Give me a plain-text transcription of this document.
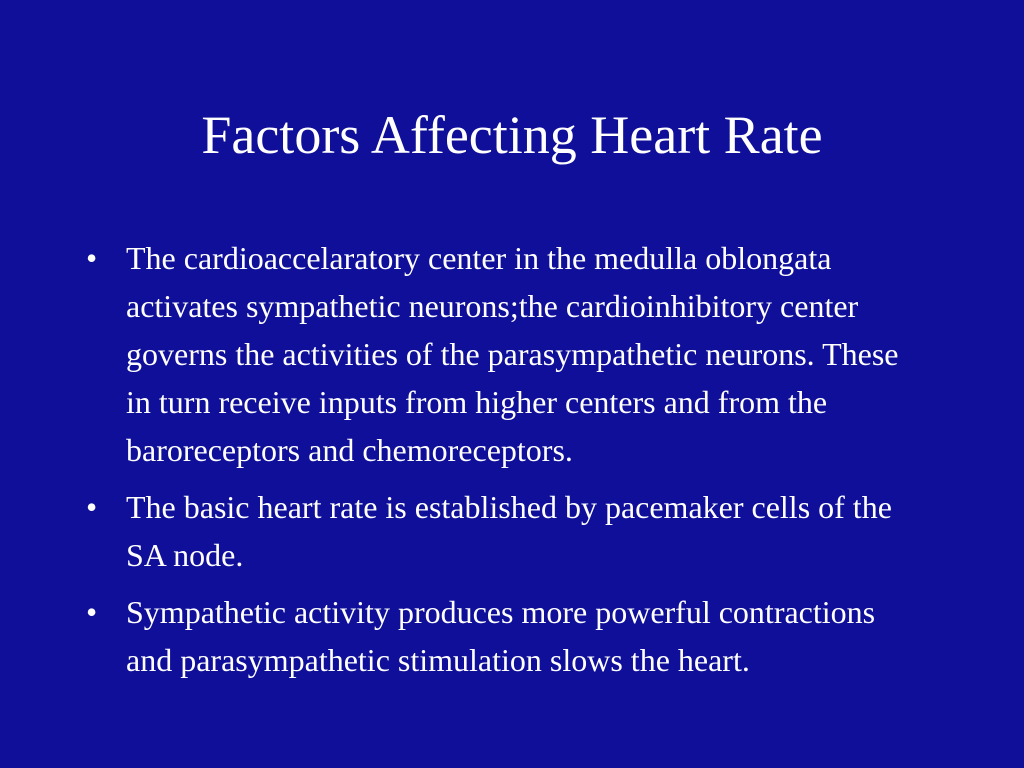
Factors Affecting Heart Rate
• The cardioaccelaratory center in the medulla oblongata activates sympathetic neurons;the cardioinhibitory center governs the activities of the parasympathetic neurons. These in turn receive inputs from higher centers and from the baroreceptors and chemoreceptors.
• The basic heart rate is established by pacemaker cells of the SA node.
• Sympathetic activity produces more powerful contractions and parasympathetic stimulation slows the heart.
